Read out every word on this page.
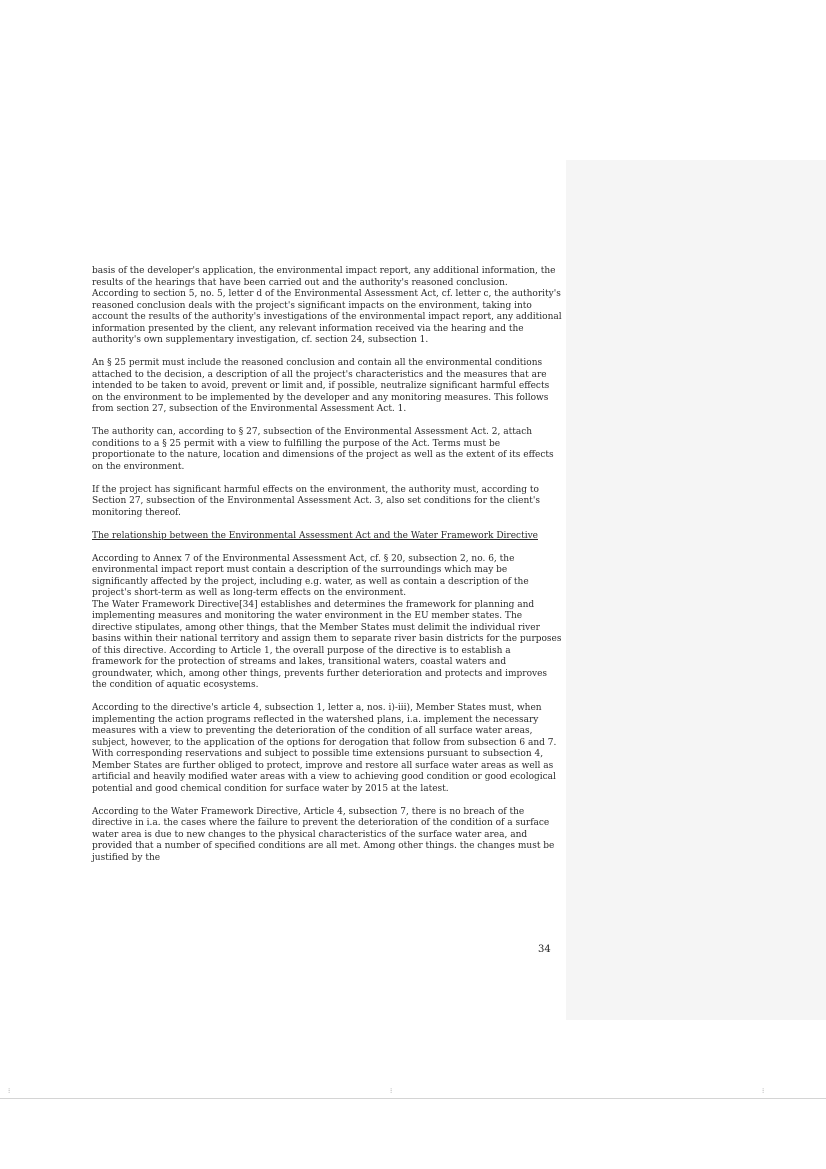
basis of the developer's application, the environmental impact report, any additional information, the results of the hearings that have been carried out and the authority's reasoned conclusion.

According to section 5, no. 5, letter d of the Environmental Assessment Act, cf. letter c, the authority's reasoned conclusion deals with the project's significant impacts on the environment, taking into account the results of the authority's investigations of the environmental impact report, any additional information presented by the client, any relevant information received via the hearing and the authority's own supplementary investigation, cf. section 24, subsection 1.

An § 25 permit must include the reasoned conclusion and contain all the environmental conditions attached to the decision, a description of all the project's characteristics and the measures that are intended to be taken to avoid, prevent or limit and, if possible, neutralize significant harmful effects on the environment to be implemented by the developer and any monitoring measures. This follows from section 27, subsection of the Environmental Assessment Act. 1.

The authority can, according to § 27, subsection of the Environmental Assessment Act. 2, attach conditions to a § 25 permit with a view to fulfilling the purpose of the Act. Terms must be proportionate to the nature, location and dimensions of the project as well as the extent of its effects on the environment.

If the project has significant harmful effects on the environment, the authority must, according to Section 27, subsection of the Environmental Assessment Act. 3, also set conditions for the client's monitoring thereof.

The relationship between the Environmental Assessment Act and the Water Framework Directive

According to Annex 7 of the Environmental Assessment Act, cf. § 20, subsection 2, no. 6, the environmental impact report must contain a description of the surroundings which may be significantly affected by the project, including e.g. water, as well as contain a description of the project's short-term as well as long-term effects on the environment.

The Water Framework Directive[34] establishes and determines the framework for planning and implementing measures and monitoring the water environment in the EU member states. The directive stipulates, among other things, that the Member States must delimit the individual river basins within their national territory and assign them to separate river basin districts for the purposes of this directive. According to Article 1, the overall purpose of the directive is to establish a framework for the protection of streams and lakes, transitional waters, coastal waters and groundwater, which, among other things, prevents further deterioration and protects and improves the condition of aquatic ecosystems.

According to the directive's article 4, subsection 1, letter a, nos. i)-iii), Member States must, when implementing the action programs reflected in the watershed plans, i.a. implement the necessary measures with a view to preventing the deterioration of the condition of all surface water areas, subject, however, to the application of the options for derogation that follow from subsection 6 and 7. With corresponding reservations and subject to possible time extensions pursuant to subsection 4, Member States are further obliged to protect, improve and restore all surface water areas as well as artificial and heavily modified water areas with a view to achieving good condition or good ecological potential and good chemical condition for surface water by 2015 at the latest.

According to the Water Framework Directive, Article 4, subsection 7, there is no breach of the directive in i.a. the cases where the failure to prevent the deterioration of the condition of a surface water area is due to new changes to the physical characteristics of the surface water area, and provided that a number of specified conditions are all met. Among other things. the changes must be justified by the

34
⁝	⁝	⁝
